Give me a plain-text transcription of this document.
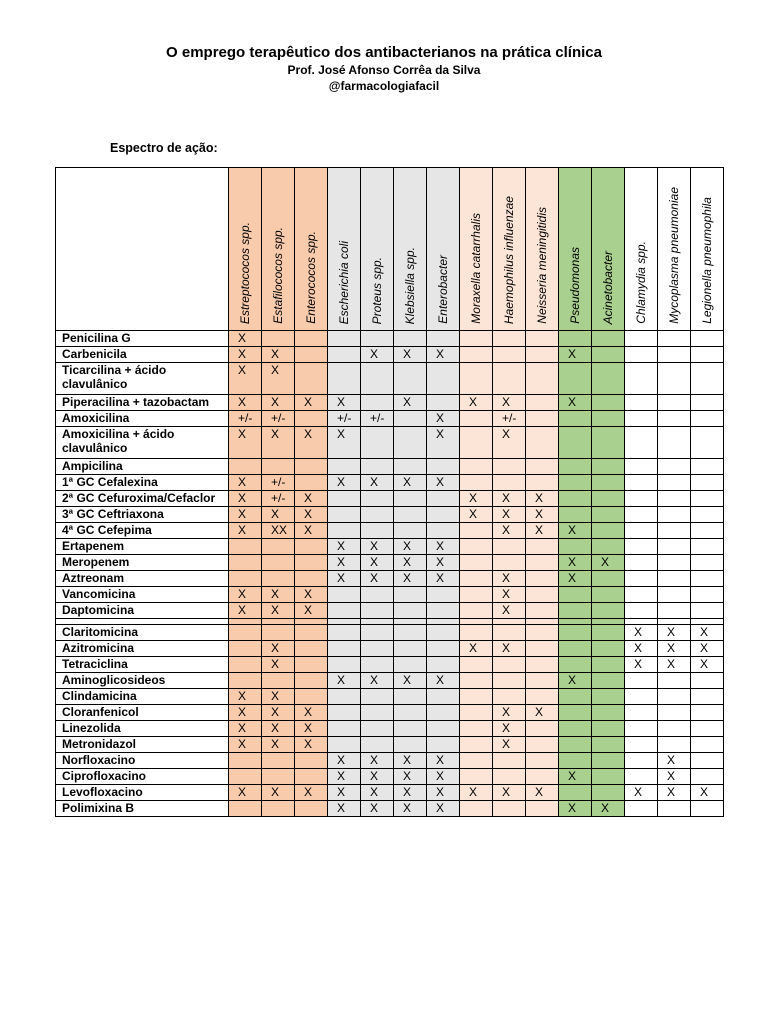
O emprego terapêutico dos antibacterianos na prática clínica
Prof. José Afonso Corrêa da Silva
@farmacologiafacil
Espectro de ação:

	Estreptococos spp.	Estafilococos spp.	Enterococos spp.	Escherichia coli	Proteus spp.	Klebsiella spp.	Enterobacter	Moraxella catarrhalis	Haemophilus influenzae	Neisseria meningitidis	Pseudomonas	Acinetobacter	Chlamydia spp.	Mycoplasma pneumoniae	Legionella pneumophila

Penicilina G	X														
Carbenicila	X	X			X	X	X				X				
Ticarcilina + ácido clavulânico	X	X													
Piperacilina + tazobactam	X	X	X	X		X		X	X		X				
Amoxicilina	+/-	+/-		+/-	+/-		X		+/-						
Amoxicilina + ácido clavulânico	X	X	X	X			X		X						
Ampicilina															
1ª GC Cefalexina	X	+/-		X	X	X	X								
2ª GC Cefuroxima/Cefaclor	X	+/-	X					X	X	X					
3ª GC Ceftriaxona	X	X	X					X	X	X					
4ª GC Cefepima	X	XX	X						X	X	X				
Ertapenem				X	X	X	X								
Meropenem				X	X	X	X				X	X			
Aztreonam				X	X	X	X		X		X				
Vancomicina	X	X	X						X						
Daptomicina	X	X	X						X						

Claritomicina													X	X	X
Azitromicina		X						X	X				X	X	X
Tetraciclina		X											X	X	X
Aminoglicosideos				X	X	X	X				X				
Clindamicina	X	X													
Cloranfenicol	X	X	X						X	X					
Linezolida	X	X	X						X						
Metronidazol	X	X	X						X						
Norfloxacino				X	X	X	X							X	
Ciprofloxacino				X	X	X	X				X			X	
Levofloxacino	X	X	X	X	X	X	X	X	X	X			X	X	X
Polimixina B				X	X	X	X				X	X			
